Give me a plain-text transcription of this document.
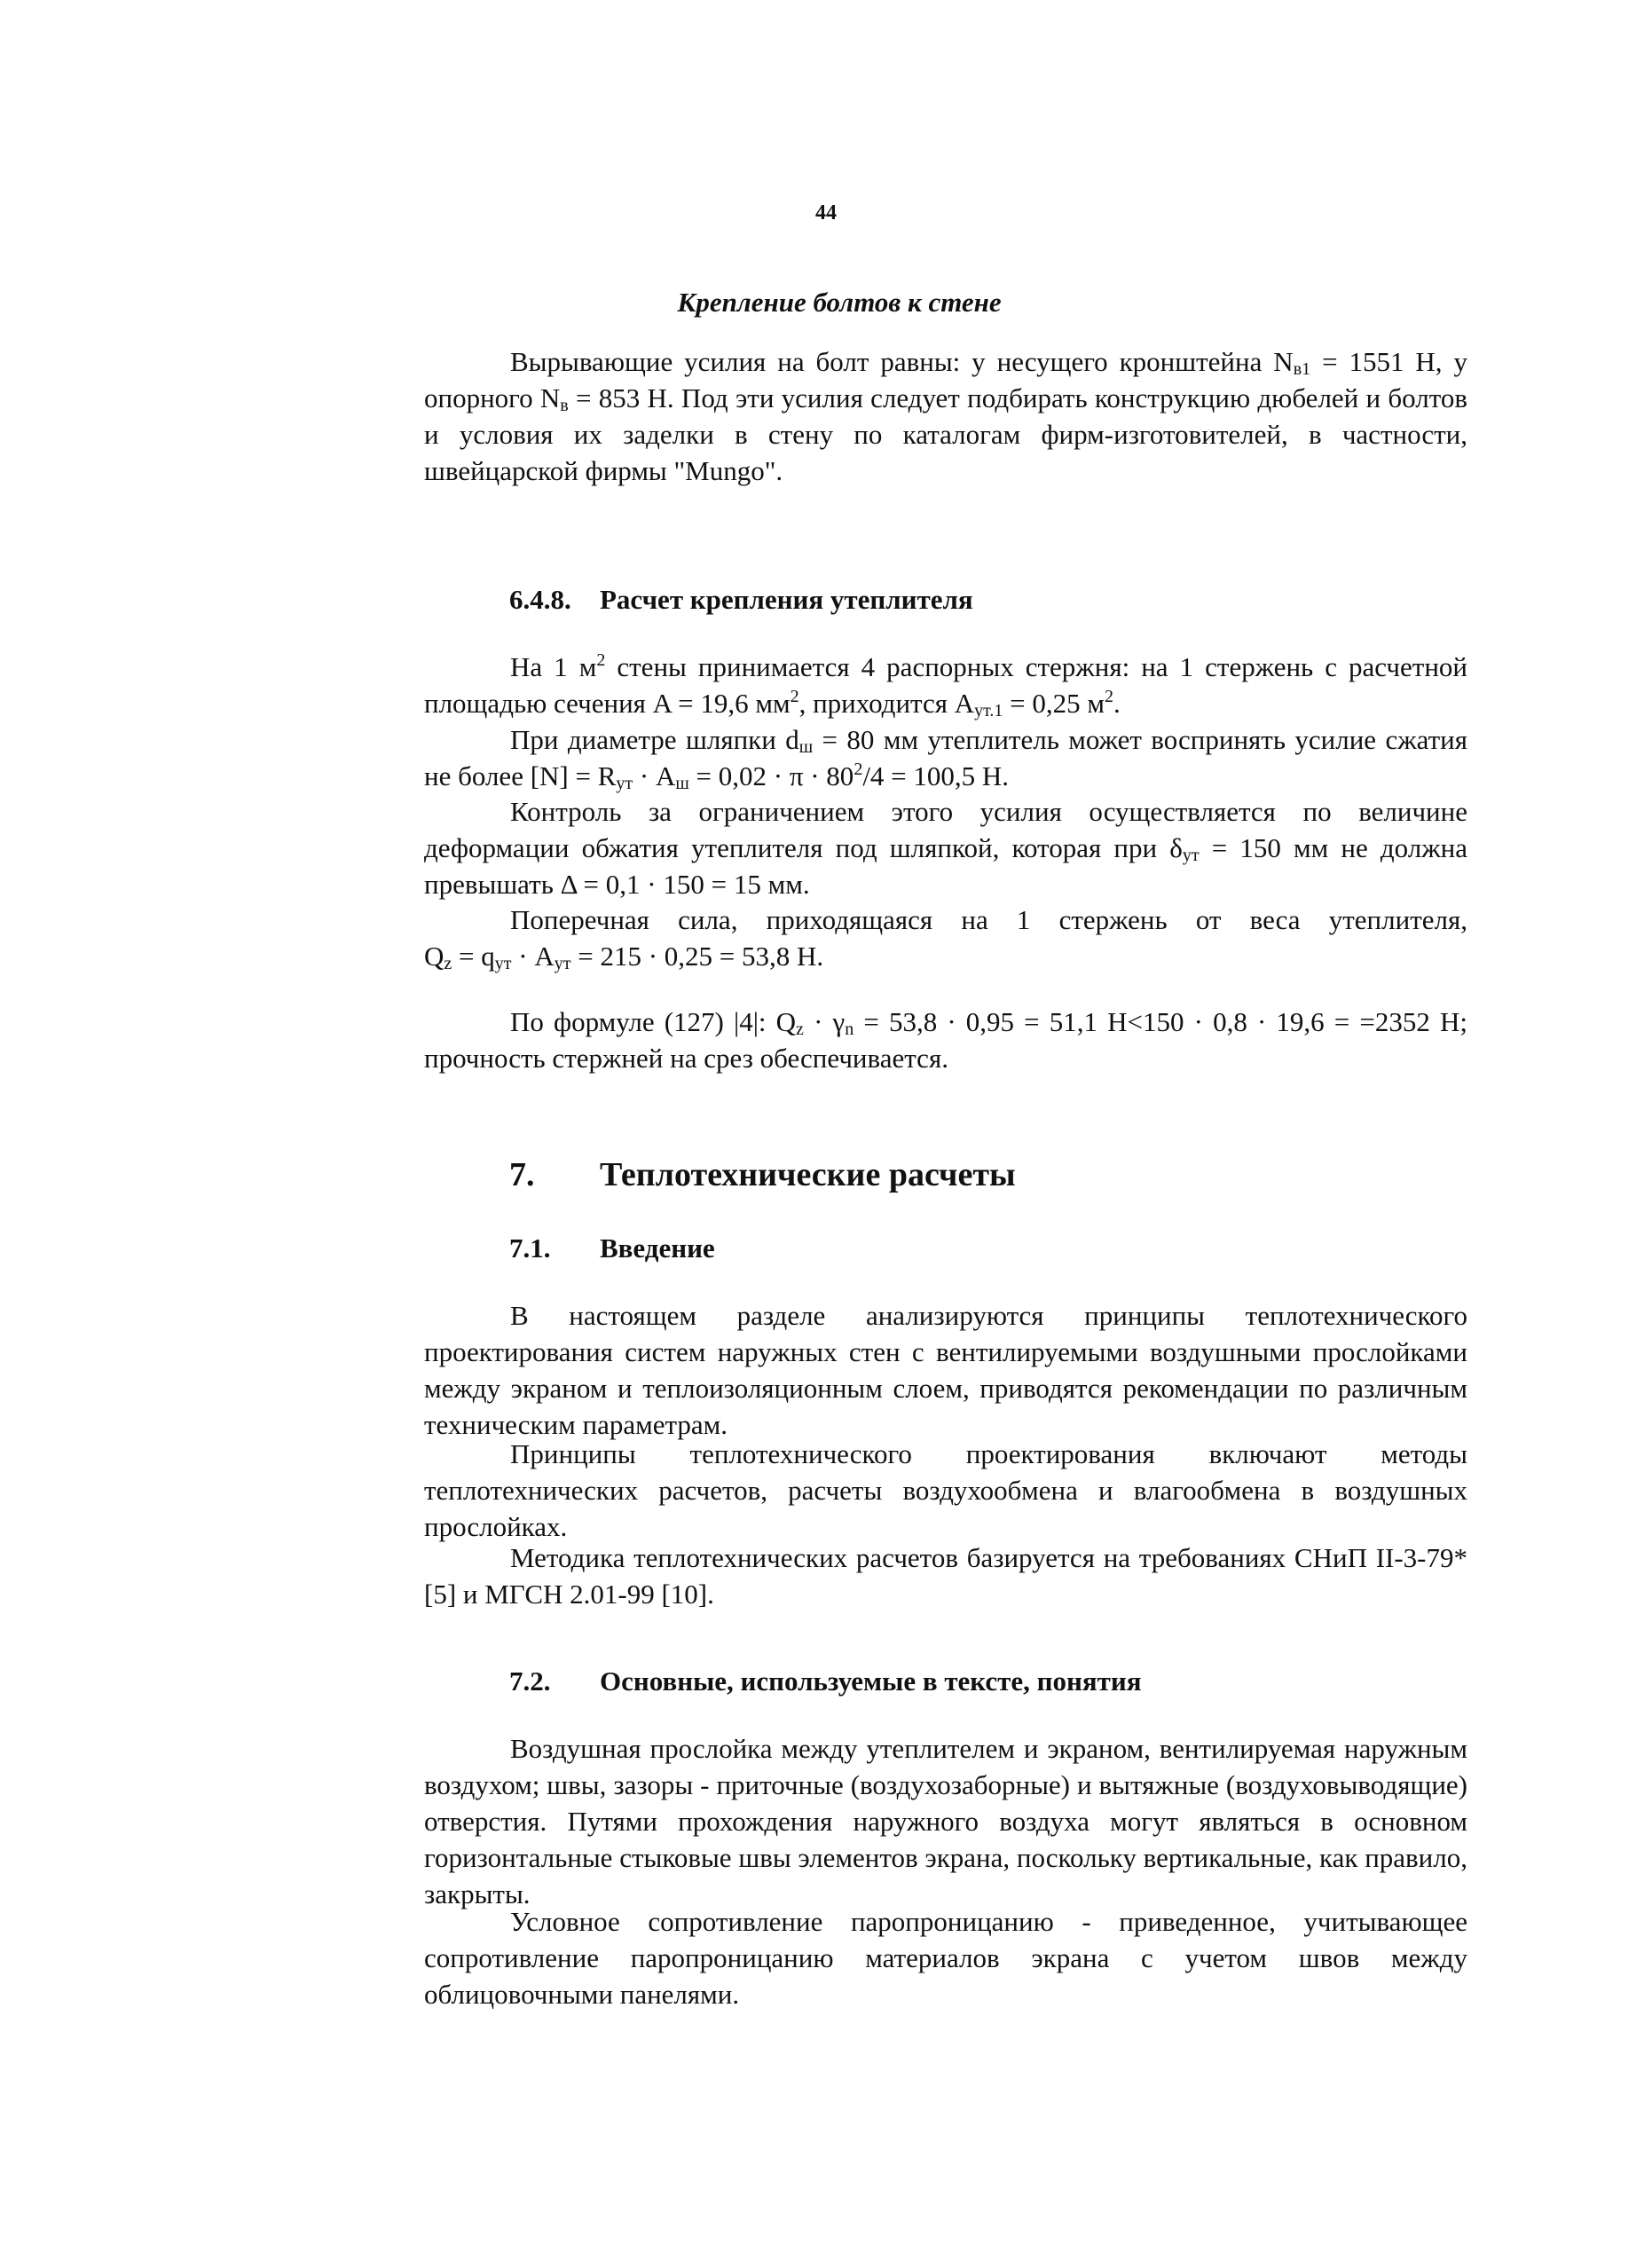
44
Крепление болтов к стене
Вырывающие усилия на болт равны: у несущего кронштейна $N_{в1} = 1551$ Н, у опорного $N_в = 853$ Н. Под эти усилия следует подбирать конструкцию дюбелей и болтов и условия их заделки в стену по каталогам фирм-изготовителей, в частности, швейцарской фирмы "Mungo".
6.4.8. Расчет крепления утеплителя
На 1 $м^2$ стены принимается 4 распорных стержня: на 1 стержень с расчетной площадью сечения A = 19,6 $мм^2$, приходится $A_{ут.1} = 0,25$ $м^2$.
При диаметре шляпки $d_ш = 80$ мм утеплитель может воспринять усилие сжатия не более $[N] = R_{ут} \cdot A_ш = 0,02 \cdot \pi \cdot 80^2/4 = 100,5$ Н.
Контроль за ограничением этого усилия осуществляется по величине деформации обжатия утеплителя под шляпкой, которая при $\delta_{ут} = 150$ мм не должна превышать Δ = 0,1 · 150 = 15 мм.
Поперечная сила, приходящаяся на 1 стержень от веса утеплителя,
$Q_z = q_{ут} \cdot A_{ут} = 215 \cdot 0,25 = 53,8$ Н.
По формуле (127) |4|: $Q_z \cdot \gamma_n = 53,8 \cdot 0,95 = 51,1$ Н<150 · 0,8 · 19,6 = =2352 Н; прочность стержней на срез обеспечивается.
7. Теплотехнические расчеты
7.1. Введение
В настоящем разделе анализируются принципы теплотехнического проектирования систем наружных стен с вентилируемыми воздушными прослойками между экраном и теплоизоляционным слоем, приводятся рекомендации по различным техническим параметрам.
Принципы теплотехнического проектирования включают методы теплотехнических расчетов, расчеты воздухообмена и влагообмена в воздушных прослойках.
Методика теплотехнических расчетов базируется на требованиях СНиП II-3-79* [5] и МГСН 2.01-99 [10].
7.2. Основные, используемые в тексте, понятия
Воздушная прослойка между утеплителем и экраном, вентилируемая наружным воздухом; швы, зазоры - приточные (воздухозаборные) и вытяжные (воздуховыводящие) отверстия. Путями прохождения наружного воздуха могут являться в основном горизонтальные стыковые швы элементов экрана, поскольку вертикальные, как правило, закрыты.
Условное сопротивление паропроницанию - приведенное, учитывающее сопротивление паропроницанию материалов экрана с учетом швов между облицовочными панелями.
